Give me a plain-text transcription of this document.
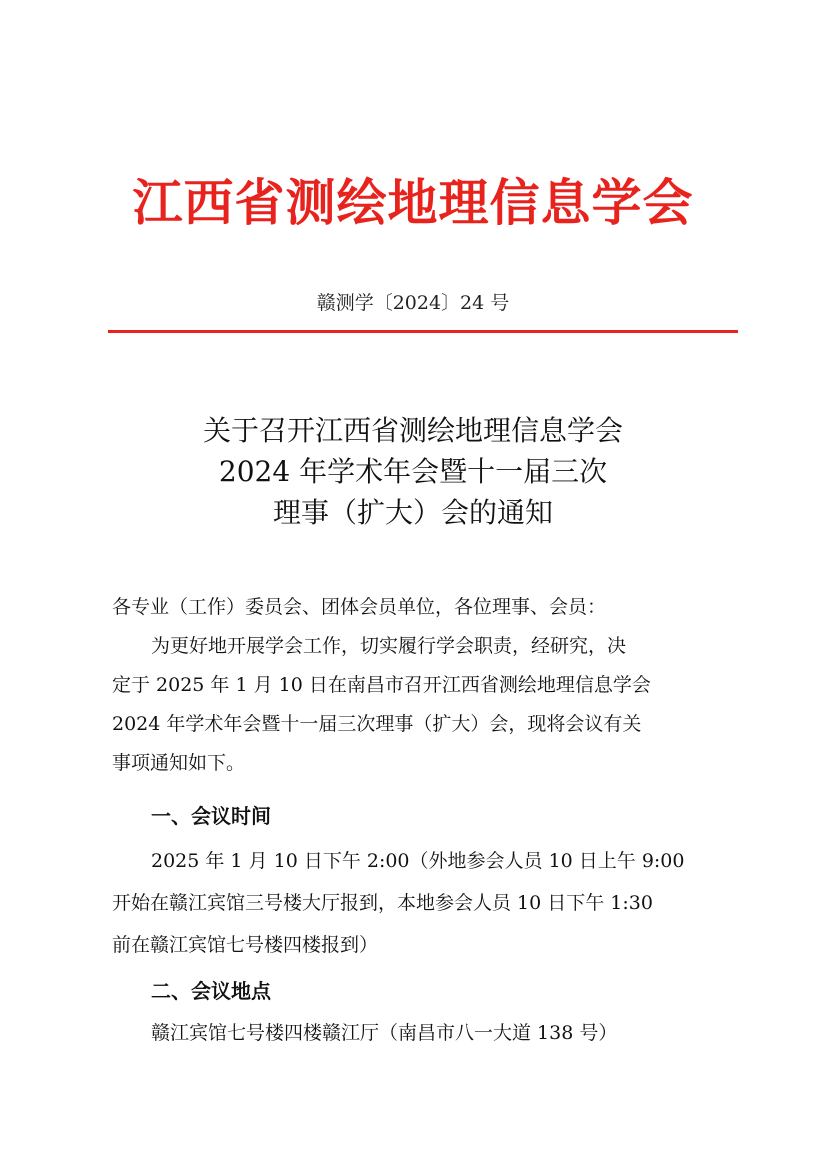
江西省测绘地理信息学会
赣测学〔2024〕24 号
关于召开江西省测绘地理信息学会
2024 年学术年会暨十一届三次
理事（扩大）会的通知
各专业（工作）委员会、团体会员单位，各位理事、会员：
为更好地开展学会工作，切实履行学会职责，经研究，决
定于 2025 年 1 月 10 日在南昌市召开江西省测绘地理信息学会
2024 年学术年会暨十一届三次理事（扩大）会，现将会议有关
事项通知如下。
一、会议时间
2025 年 1 月 10 日下午 2:00（外地参会人员 10 日上午 9:00
开始在赣江宾馆三号楼大厅报到，本地参会人员 10 日下午 1:30
前在赣江宾馆七号楼四楼报到）
二、会议地点
赣江宾馆七号楼四楼赣江厅（南昌市八一大道 138 号）
